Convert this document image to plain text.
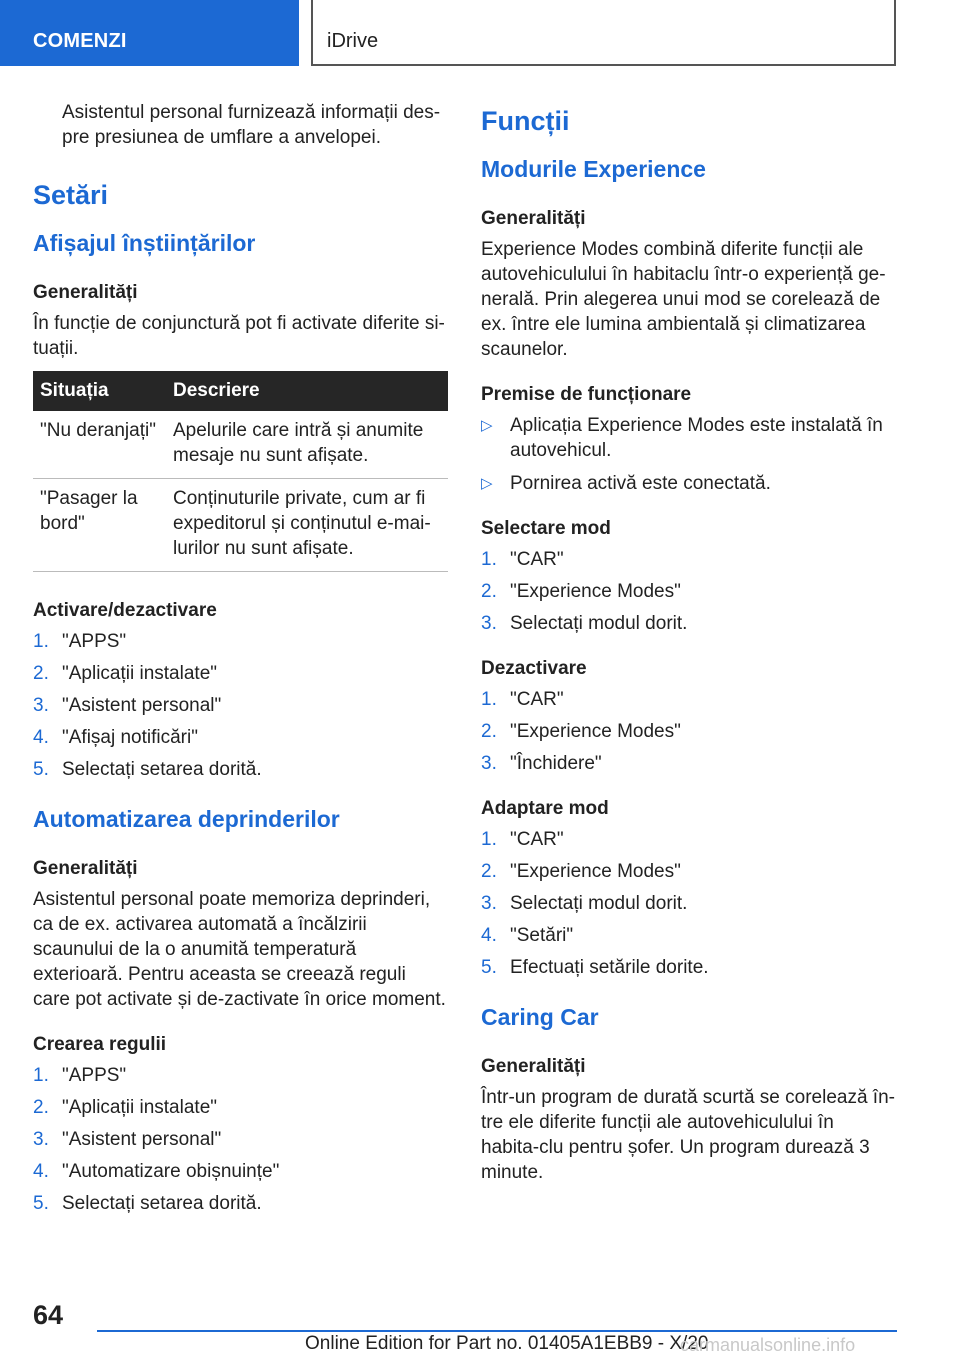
COMENZI	iDrive

Asistentul personal furnizează informații des-pre presiunea de umflare a anvelopei.

Setări
Afișajul înștiințărilor
Generalități

În funcție de conjunctură pot fi activate diferite si-tuații.

Situația	Descriere
"Nu deranjați"	Apelurile care intră și anumite mesaje nu sunt afișate.
"Pasager la bord"	Conținuturile private, cum ar fi expeditorul și conținutul e-mai-lurilor nu sunt afișate.
Activare/dezactivare
1. "APPS"
2. "Aplicații instalate"
3. "Asistent personal"
4. "Afișaj notificări"
5. Selectați setarea dorită.
Automatizarea deprinderilor
Generalități

Asistentul personal poate memoriza deprinderi, ca de ex. activarea automată a încălzirii scaunului de la o anumită temperatură exterioară. Pentru aceasta se creează reguli care pot activate și de-zactivate în orice moment.

Crearea regulii
1. "APPS"
2. "Aplicații instalate"
3. "Asistent personal"
4. "Automatizare obișnuințe"
5. Selectați setarea dorită.
Funcții
Modurile Experience
Generalități

Experience Modes combină diferite funcții ale autovehiculului în habitaclu într-o experiență ge-nerală. Prin alegerea unui mod se corelează de ex. între ele lumina ambientală și climatizarea scaunelor.

Premise de funcționare
▷ Aplicația Experience Modes este instalată în autovehicul.
▷ Pornirea activă este conectată.
Selectare mod
1. "CAR"
2. "Experience Modes"
3. Selectați modul dorit.
Dezactivare
1. "CAR"
2. "Experience Modes"
3. "Închidere"
Adaptare mod
1. "CAR"
2. "Experience Modes"
3. Selectați modul dorit.
4. "Setări"
5. Efectuați setările dorite.
Caring Car
Generalități

Într-un program de durată scurtă se corelează în-tre ele diferite funcții ale autovehiculului în habita-clu pentru șofer. Un program durează 3 minute.

64
Online Edition for Part no. 01405A1EBB9 - X/20
carmanualsonline.info
